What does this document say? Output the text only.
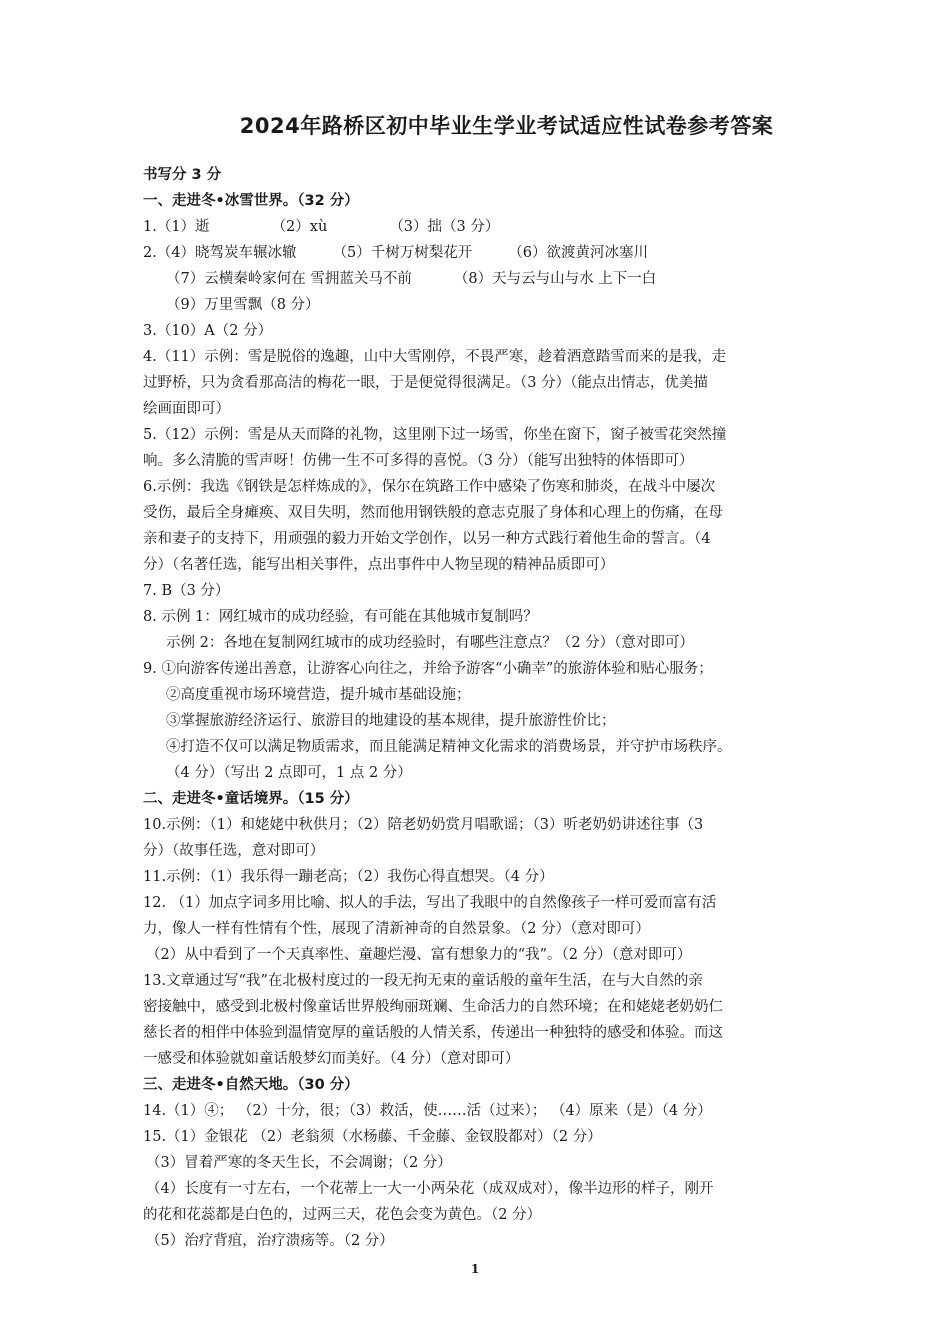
2024年路桥区初中毕业生学业考试适应性试卷参考答案
书写分 3 分
一、走进冬•冰雪世界。（32 分）
1.（1）逝	（2）xù	（3）拙（3 分）
2.（4）晓驾炭车辗冰辙 （5）千树万树梨花开 （6）欲渡黄河冰塞川
（7）云横秦岭家何在 雪拥蓝关马不前	（8）天与云与山与水 上下一白
（9）万里雪飘（8 分）
3.（10）A（2 分）
4.（11）示例：雪是脱俗的逸趣，山中大雪刚停，不畏严寒，趁着酒意踏雪而来的是我，走
过野桥，只为贪看那高洁的梅花一眼，于是便觉得很满足。（3 分）（能点出情志，优美描
绘画面即可）
5.（12）示例：雪是从天而降的礼物，这里刚下过一场雪，你坐在窗下，窗子被雪花突然撞
响。多么清脆的雪声呀！仿佛一生不可多得的喜悦。（3 分）（能写出独特的体悟即可）
6.示例：我选《钢铁是怎样炼成的》，保尔在筑路工作中感染了伤寒和肺炎，在战斗中屡次
受伤，最后全身瘫痪、双目失明，然而他用钢铁般的意志克服了身体和心理上的伤痛，在母
亲和妻子的支持下，用顽强的毅力开始文学创作，以另一种方式践行着他生命的誓言。（4
分）（名著任选，能写出相关事件，点出事件中人物呈现的精神品质即可）
7. B（3 分）
8. 示例 1：网红城市的成功经验，有可能在其他城市复制吗？
示例 2：各地在复制网红城市的成功经验时，有哪些注意点？（2 分）（意对即可）
9. ①向游客传递出善意，让游客心向往之，并给予游客“小确幸”的旅游体验和贴心服务；
②高度重视市场环境营造，提升城市基础设施；
③掌握旅游经济运行、旅游目的地建设的基本规律，提升旅游性价比；
④打造不仅可以满足物质需求，而且能满足精神文化需求的消费场景，并守护市场秩序。
（4 分）（写出 2 点即可，1 点 2 分）
二、走进冬•童话境界。（15 分）
10.示例：（1）和姥姥中秋供月；（2）陪老奶奶赏月唱歌谣；（3）听老奶奶讲述往事（3
分）（故事任选，意对即可）
11.示例：（1）我乐得一蹦老高；（2）我伤心得直想哭。（4 分）
12. （1）加点字词多用比喻、拟人的手法，写出了我眼中的自然像孩子一样可爱而富有活
力，像人一样有性情有个性，展现了清新神奇的自然景象。（2 分）（意对即可）
（2）从中看到了一个天真率性、童趣烂漫、富有想象力的“我”。（2 分）（意对即可）
13.文章通过写“我”在北极村度过的一段无拘无束的童话般的童年生活，在与大自然的亲
密接触中，感受到北极村像童话世界般绚丽斑斓、生命活力的自然环境；在和姥姥老奶奶仁
慈长者的相伴中体验到温情宽厚的童话般的人情关系，传递出一种独特的感受和体验。而这
一感受和体验就如童话般梦幻而美好。（4 分）（意对即可）
三、走进冬•自然天地。（30 分）
14.（1）④； （2）十分，很；（3）救活，使……活（过来）； （4）原来（是）（4 分）
15.（1）金银花 （2）老翁须（水杨藤、千金藤、金钗股都对）（2 分）
（3）冒着严寒的冬天生长，不会凋谢；（2 分）
（4）长度有一寸左右，一个花蒂上一大一小两朵花（成双成对），像半边形的样子，刚开
的花和花蕊都是白色的，过两三天，花色会变为黄色。（2 分）
（5）治疗背疽，治疗溃疡等。（2 分）
1
